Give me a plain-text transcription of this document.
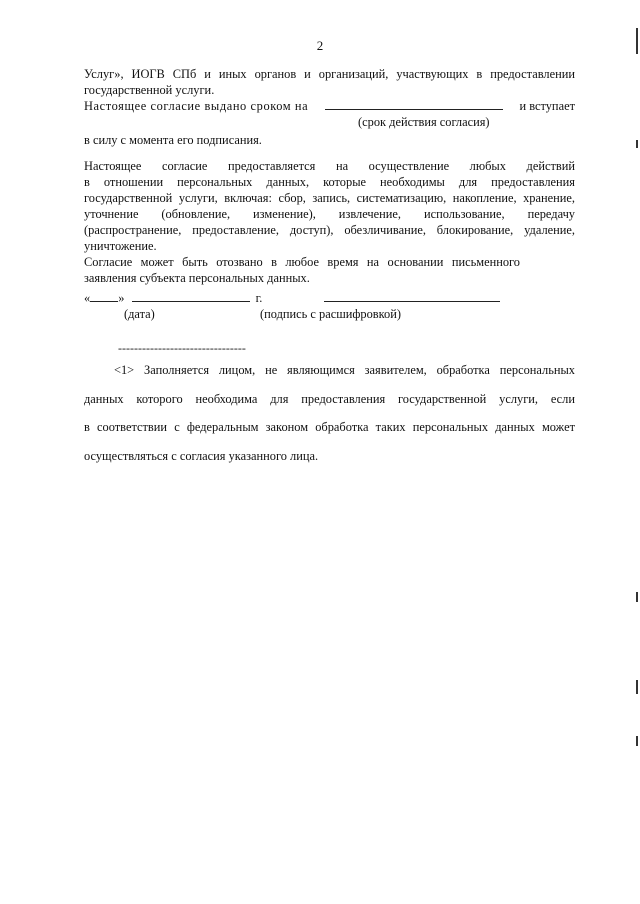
2

Услуг», ИОГВ СПб и иных органов и организаций, участвующих в предоставлении

государственной услуги.

Настоящее согласие выдано сроком на	и вступает
(срок действия согласия)

в силу с момента его подписания.

Настоящее согласие предоставляется на осуществление любых действий

в отношении персональных данных, которые необходимы для предоставления

государственной услуги, включая: сбор, запись, систематизацию, накопление, хранение,

уточнение (обновление, изменение), извлечение, использование, передачу

(распространение, предоставление, доступ), обезличивание, блокирование, удаление,

уничтожение.

Согласие может быть отозвано в любое время на основании письменного

заявления субъекта персональных данных.

« »	г.
(дата)	(подпись с расшифровкой)
--------------------------------

<1> Заполняется лицом, не являющимся заявителем, обработка персональных

данных которого необходима для предоставления государственной услуги, если

в соответствии с федеральным законом обработка таких персональных данных может

осуществляться с согласия указанного лица.
